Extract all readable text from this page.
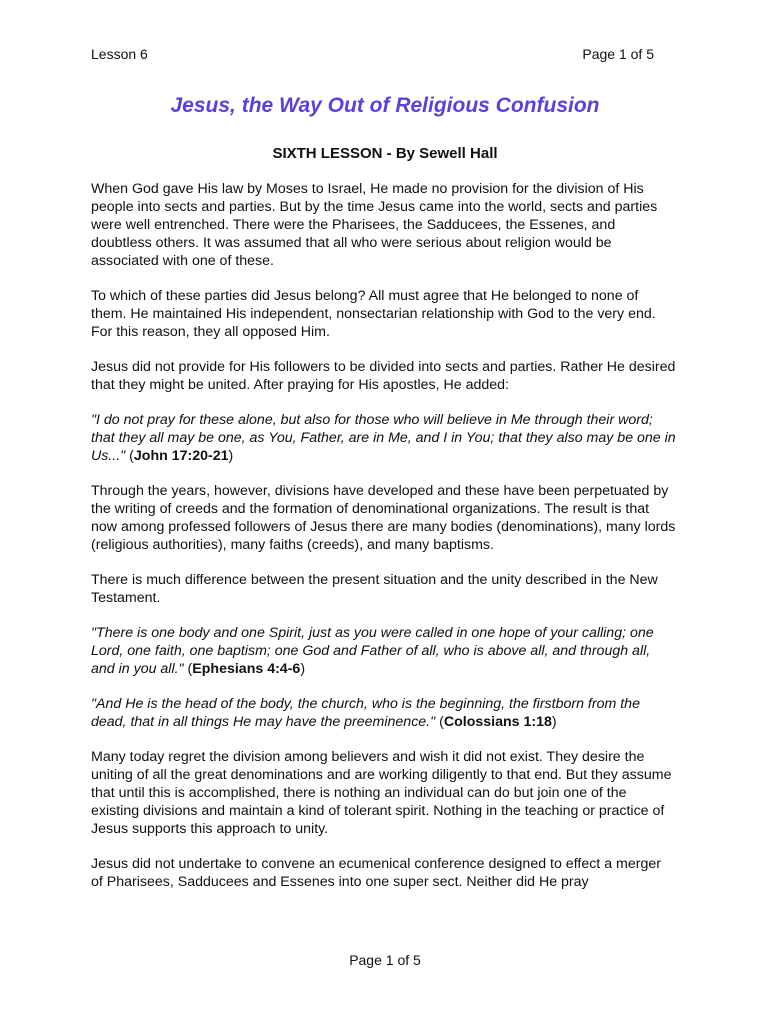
Lesson 6	Page 1 of 5
Jesus, the Way Out of Religious Confusion
SIXTH LESSON - By Sewell Hall

When God gave His law by Moses to Israel, He made no provision for the division of His people into sects and parties. But by the time Jesus came into the world, sects and parties were well entrenched. There were the Pharisees, the Sadducees, the Essenes, and doubtless others. It was assumed that all who were serious about religion would be associated with one of these.

To which of these parties did Jesus belong? All must agree that He belonged to none of them. He maintained His independent, nonsectarian relationship with God to the very end. For this reason, they all opposed Him.

Jesus did not provide for His followers to be divided into sects and parties. Rather He desired that they might be united. After praying for His apostles, He added:

"I do not pray for these alone, but also for those who will believe in Me through their word; that they all may be one, as You, Father, are in Me, and I in You; that they also may be one in Us..." (John 17:20-21)

Through the years, however, divisions have developed and these have been perpetuated by the writing of creeds and the formation of denominational organizations. The result is that now among professed followers of Jesus there are many bodies (denominations), many lords (religious authorities), many faiths (creeds), and many baptisms.

There is much difference between the present situation and the unity described in the New Testament.

"There is one body and one Spirit, just as you were called in one hope of your calling; one Lord, one faith, one baptism; one God and Father of all, who is above all, and through all, and in you all." (Ephesians 4:4-6)

"And He is the head of the body, the church, who is the beginning, the firstborn from the dead, that in all things He may have the preeminence." (Colossians 1:18)

Many today regret the division among believers and wish it did not exist. They desire the uniting of all the great denominations and are working diligently to that end. But they assume that until this is accomplished, there is nothing an individual can do but join one of the existing divisions and maintain a kind of tolerant spirit. Nothing in the teaching or practice of Jesus supports this approach to unity.

Jesus did not undertake to convene an ecumenical conference designed to effect a merger of Pharisees, Sadducees and Essenes into one super sect. Neither did He pray

Page 1 of 5
